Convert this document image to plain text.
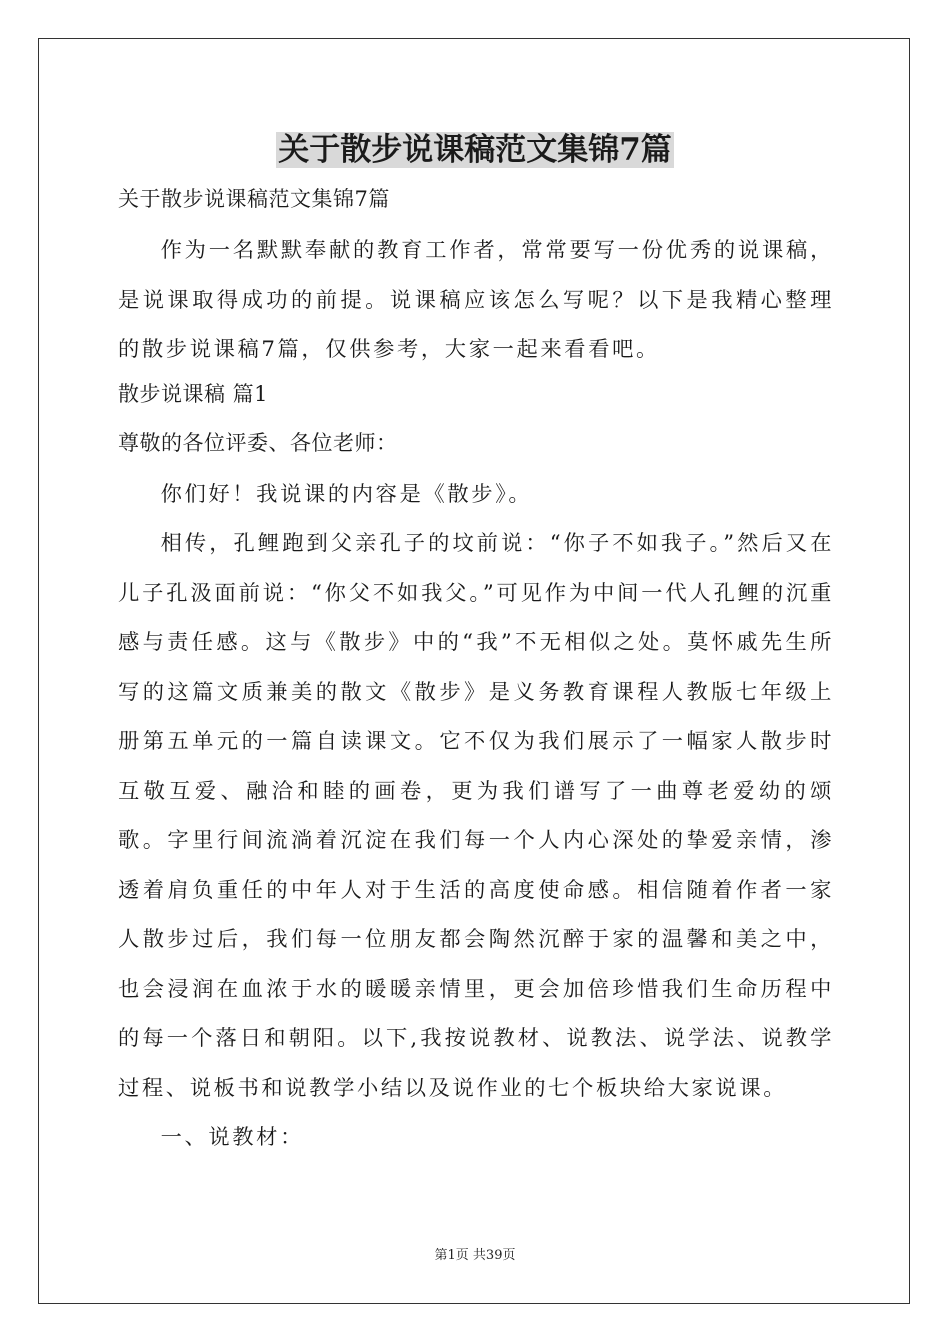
关于散步说课稿范文集锦7篇
关于散步说课稿范文集锦7篇

作为一名默默奉献的教育工作者，常常要写一份优秀的说课稿，是说课取得成功的前提。说课稿应该怎么写呢？以下是我精心整理的散步说课稿7篇，仅供参考，大家一起来看看吧。

散步说课稿 篇1
尊敬的各位评委、各位老师：

你们好！我说课的内容是《散步》。

相传，孔鲤跑到父亲孔子的坟前说：“你子不如我子。”然后又在儿子孔汲面前说：“你父不如我父。”可见作为中间一代人孔鲤的沉重感与责任感。这与《散步》中的“我”不无相似之处。莫怀戚先生所写的这篇文质兼美的散文《散步》是义务教育课程人教版七年级上册第五单元的一篇自读课文。它不仅为我们展示了一幅家人散步时互敬互爱、融洽和睦的画卷，更为我们谱写了一曲尊老爱幼的颂歌。字里行间流淌着沉淀在我们每一个人内心深处的挚爱亲情，渗透着肩负重任的中年人对于生活的高度使命感。相信随着作者一家人散步过后，我们每一位朋友都会陶然沉醉于家的温馨和美之中，也会浸润在血浓于水的暖暖亲情里，更会加倍珍惜我们生命历程中的每一个落日和朝阳。以下,我按说教材、说教法、说学法、说教学过程、说板书和说教学小结以及说作业的七个板块给大家说课。

一、说教材：

第1页 共39页
